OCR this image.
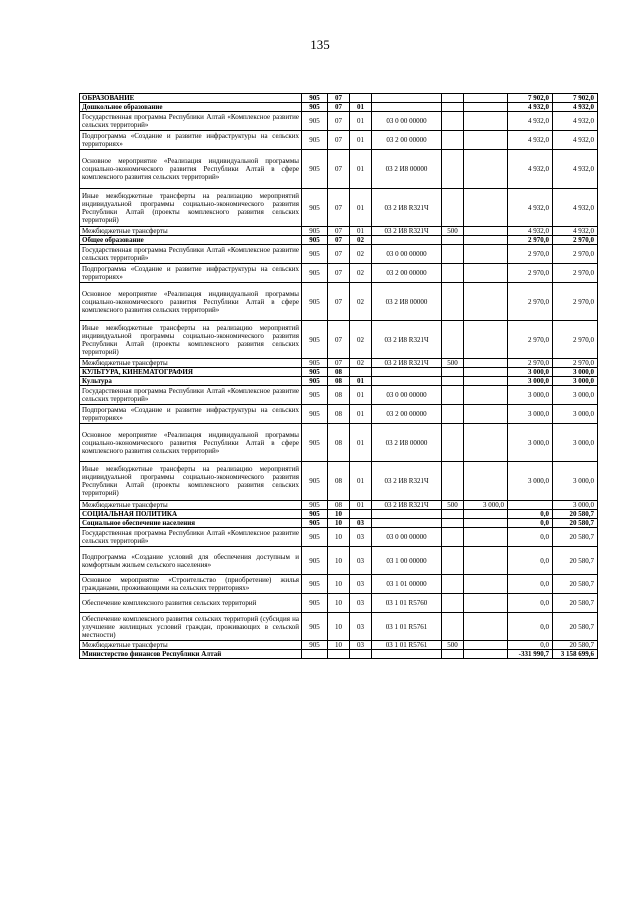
135
ОБРАЗОВАНИЕ	905	07					7 902,0	7 902,0
Дошкольное образование	905	07	01				4 932,0	4 932,0
Государственная программа Республики Алтай «Комплексное развитие сельских территорий»	905	07	01	03 0 00 00000			4 932,0	4 932,0
Подпрограмма «Создание и развитие инфраструктуры на сельских территориях»	905	07	01	03 2 00 00000			4 932,0	4 932,0
Основное мероприятие «Реализация индивидуальной программы социально-экономического развития Республики Алтай в сфере комплексного развития сельских территорий»	905	07	01	03 2 И8 00000			4 932,0	4 932,0
Иные межбюджетные трансферты на реализацию мероприятий индивидуальной программы социально-экономического развития Республики Алтай (проекты комплексного развития сельских территорий)	905	07	01	03 2 И8 R321Ч			4 932,0	4 932,0
Межбюджетные трансферты	905	07	01	03 2 И8 R321Ч	500		4 932,0	4 932,0
Общее образование	905	07	02				2 970,0	2 970,0
Государственная программа Республики Алтай «Комплексное развитие сельских территорий»	905	07	02	03 0 00 00000			2 970,0	2 970,0
Подпрограмма «Создание и развитие инфраструктуры на сельских территориях»	905	07	02	03 2 00 00000			2 970,0	2 970,0
Основное мероприятие «Реализация индивидуальной программы социально-экономического развития Республики Алтай в сфере комплексного развития сельских территорий»	905	07	02	03 2 И8 00000			2 970,0	2 970,0
Иные межбюджетные трансферты на реализацию мероприятий индивидуальной программы социально-экономического развития Республики Алтай (проекты комплексного развития сельских территорий)	905	07	02	03 2 И8 R321Ч			2 970,0	2 970,0
Межбюджетные трансферты	905	07	02	03 2 И8 R321Ч	500		2 970,0	2 970,0
КУЛЬТУРА, КИНЕМАТОГРАФИЯ	905	08					3 000,0	3 000,0
Культура	905	08	01				3 000,0	3 000,0
Государственная программа Республики Алтай «Комплексное развитие сельских территорий»	905	08	01	03 0 00 00000			3 000,0	3 000,0
Подпрограмма «Создание и развитие инфраструктуры на сельских территориях»	905	08	01	03 2 00 00000			3 000,0	3 000,0
Основное мероприятие «Реализация индивидуальной программы социально-экономического развития Республики Алтай в сфере комплексного развития сельских территорий»	905	08	01	03 2 И8 00000			3 000,0	3 000,0
Иные межбюджетные трансферты на реализацию мероприятий индивидуальной программы социально-экономического развития Республики Алтай (проекты комплексного развития сельских территорий)	905	08	01	03 2 И8 R321Ч			3 000,0	3 000,0
Межбюджетные трансферты	905	08	01	03 2 И8 R321Ч	500	3 000,0		3 000,0
СОЦИАЛЬНАЯ ПОЛИТИКА	905	10					0,0	20 580,7
Социальное обеспечение населения	905	10	03				0,0	20 580,7
Государственная программа Республики Алтай «Комплексное развитие сельских территорий»	905	10	03	03 0 00 00000			0,0	20 580,7
Подпрограмма «Создание условий для обеспечения доступным и комфортным жильем сельского населения»	905	10	03	03 1 00 00000			0,0	20 580,7
Основное мероприятие «Строительство (приобретение) жилья гражданами, проживающими на сельских территориях»	905	10	03	03 1 01 00000			0,0	20 580,7
Обеспечение комплексного развития сельских территорий	905	10	03	03 1 01 R5760			0,0	20 580,7
Обеспечение комплексного развития сельских территорий (субсидия на улучшение жилищных условий граждан, проживающих в сельской местности)	905	10	03	03 1 01 R5761			0,0	20 580,7
Межбюджетные трансферты	905	10	03	03 1 01 R5761	500		0,0	20 580,7
Министерство финансов Республики Алтай							-331 990,7	3 158 699,6
